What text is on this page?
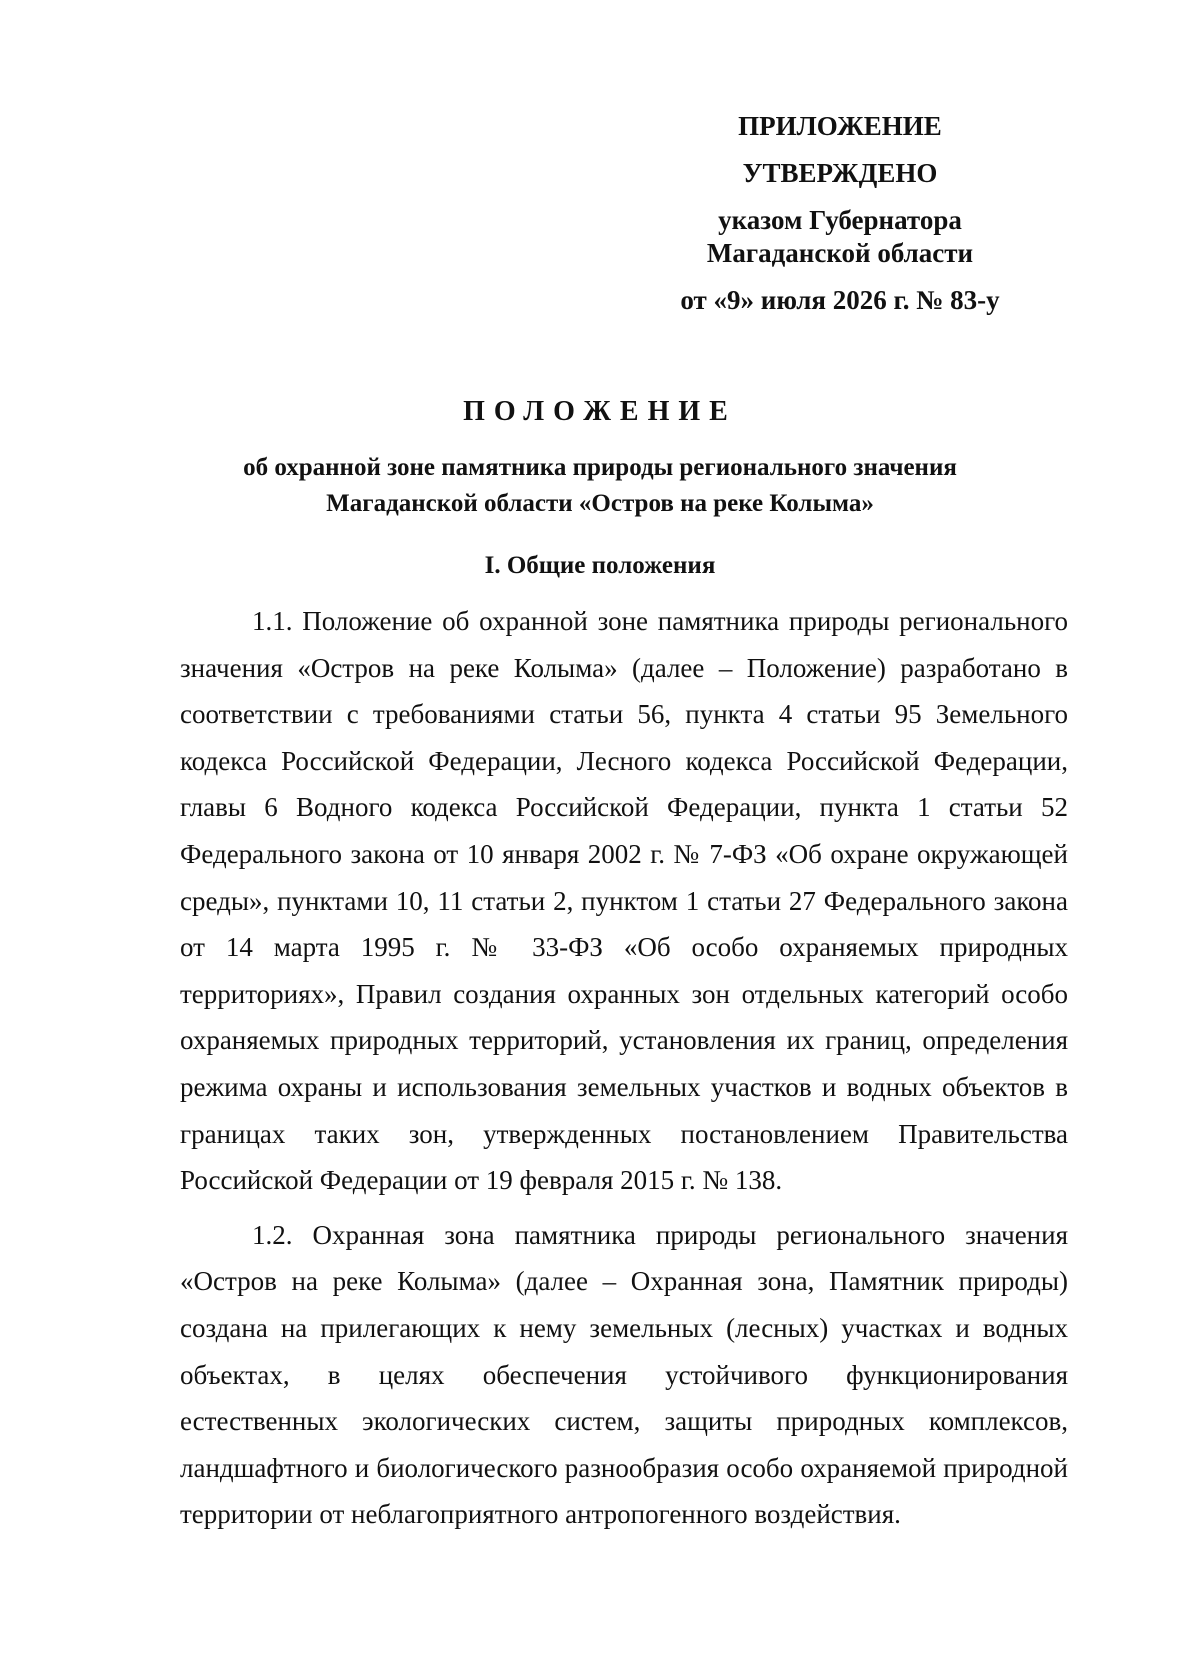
ПРИЛОЖЕНИЕ
УТВЕРЖДЕНО
указом Губернатора
Магаданской области
от «9» июля 2026 г. № 83-у
ПОЛОЖЕНИЕ
об охранной зоне памятника природы регионального значения Магаданской области «Остров на реке Колыма»
I. Общие положения

1.1. Положение об охранной зоне памятника природы регионального значения «Остров на реке Колыма» (далее – Положение) разработано в соответствии с требованиями статьи 56, пункта 4 статьи 95 Земельного кодекса Российской Федерации, Лесного кодекса Российской Федерации, главы 6 Водного кодекса Российской Федерации, пункта 1 статьи 52 Федерального закона от 10 января 2002 г. № 7-ФЗ «Об охране окружающей среды», пунктами 10, 11 статьи 2, пунктом 1 статьи 27 Федерального закона от 14 марта 1995 г. № 33-ФЗ «Об особо охраняемых природных территориях», Правил создания охранных зон отдельных категорий особо охраняемых природных территорий, установления их границ, определения режима охраны и использования земельных участков и водных объектов в границах таких зон, утвержденных постановлением Правительства Российской Федерации от 19 февраля 2015 г. № 138.

1.2. Охранная зона памятника природы регионального значения «Остров на реке Колыма» (далее – Охранная зона, Памятник природы) создана на прилегающих к нему земельных (лесных) участках и водных объектах, в целях обеспечения устойчивого функционирования естественных экологических систем, защиты природных комплексов, ландшафтного и биологического разнообразия особо охраняемой природной территории от неблагоприятного антропогенного воздействия.
